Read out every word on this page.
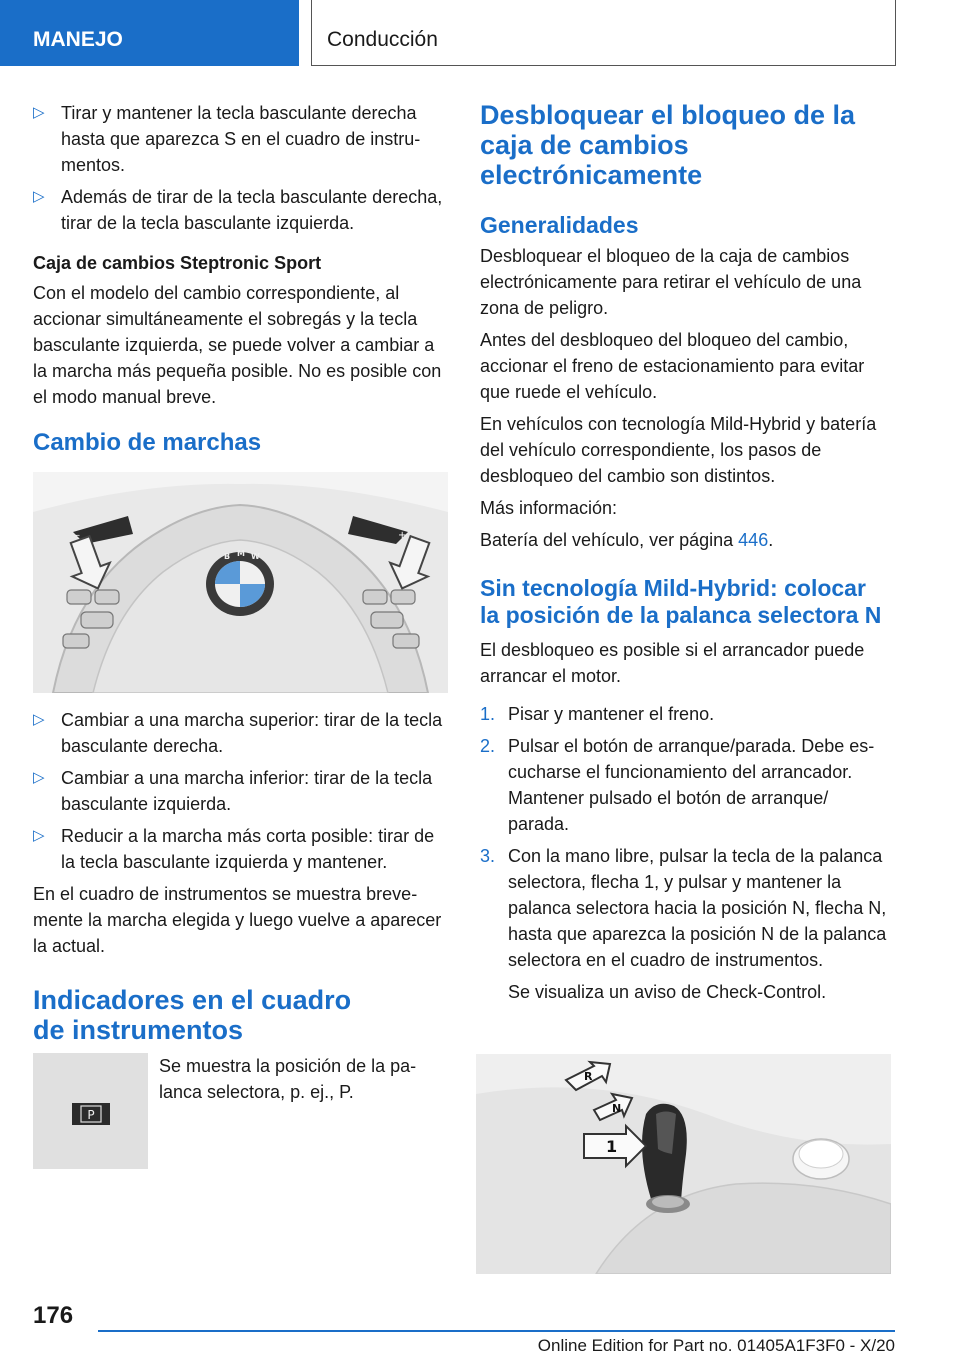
MANEJO	Conducción
▷ Tirar y mantener la tecla basculante derecha hasta que aparezca S en el cuadro de instrumentos.
▷ Además de tirar de la tecla basculante derecha, tirar de la tecla basculante izquierda.

Caja de cambios Steptronic Sport

Con el modelo del cambio correspondiente, al accionar simultáneamente el sobregás y la tecla basculante izquierda, se puede volver a cambiar a la marcha más pequeña posible. No es posible con el modo manual breve.

Cambio de marchas
B M W
–	+
▷ Cambiar a una marcha superior: tirar de la tecla basculante derecha.
▷ Cambiar a una marcha inferior: tirar de la tecla basculante izquierda.
▷ Reducir a la marcha más corta posible: tirar de la tecla basculante izquierda y mantener.

En el cuadro de instrumentos se muestra brevemente la marcha elegida y luego vuelve a aparecer la actual.

Indicadores en el cuadro
de instrumentos
P

Se muestra la posición de la palanca selectora, p. ej., P.

Desbloquear el bloqueo de la
caja de cambios
electrónicamente
Generalidades

Desbloquear el bloqueo de la caja de cambios electrónicamente para retirar el vehículo de una zona de peligro.

Antes del desbloqueo del bloqueo del cambio, accionar el freno de estacionamiento para evitar que ruede el vehículo.

En vehículos con tecnología Mild-Hybrid y batería del vehículo correspondiente, los pasos de desbloqueo del cambio son distintos.

Más información:

Batería del vehículo, ver página 446.

Sin tecnología Mild-Hybrid: colocar
la posición de la palanca selectora N

El desbloqueo es posible si el arrancador puede arrancar el motor.

1. Pisar y mantener el freno.
2. Pulsar el botón de arranque/parada. Debe escucharse el funcionamiento del arrancador. Mantener pulsado el botón de arranque/ parada.
3. Con la mano libre, pulsar la tecla de la palanca selectora, flecha 1, y pulsar y mantener la palanca selectora hacia la posición N, flecha N, hasta que aparezca la posición N de la palanca selectora en el cuadro de instrumentos.

Se visualiza un aviso de Check-Control.

R
N
1
176
Online Edition for Part no. 01405A1F3F0 - X/20
